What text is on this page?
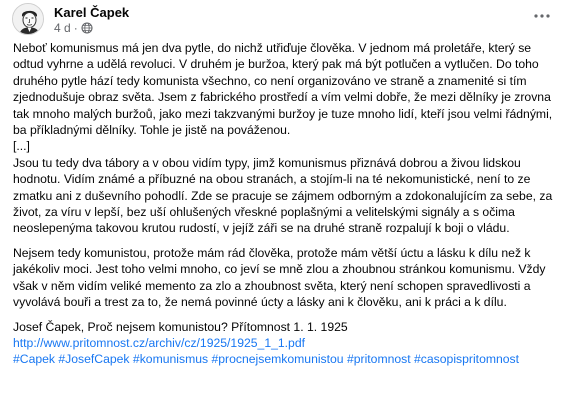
Karel Čapek
4 d ·

Neboť komunismus má jen dva pytle, do nichž utřiďuje člověka. V jednom má proletáře, který se odtud vyhrne a udělá revoluci. V druhém je buržoa, který pak má být potlučen a vytlučen. Do toho druhého pytle hází tedy komunista všechno, co není organizováno ve straně a znamenité si tím zjednodušuje obraz světa. Jsem z fabrického prostředí a vím velmi dobře, že mezi dělníky je zrovna tak mnoho malých buržoů, jako mezi takzvanými buržoy je tuze mnoho lidí, kteří jsou velmi řádnými, ba příkladnými dělníky. Tohle je jistě na pováženou.

[...]

Jsou tu tedy dva tábory a v obou vidím typy, jimž komunismus přiznává dobrou a živou lidskou hodnotu. Vidím známé a příbuzné na obou stranách, a stojím-li na té nekomunistické, není to ze zmatku ani z duševního pohodlí. Zde se pracuje se zájmem odborným a zdokonalujícím za sebe, za život, za víru v lepší, bez uší ohlušených vřeskné poplašnými a velitelskými signály a s očima neoslepenýma takovou krutou rudostí, v jejíž záři se na druhé straně rozpalují k boji o vládu.

Nejsem tedy komunistou, protože mám rád člověka, protože mám větší úctu a lásku k dílu než k jakékoliv moci. Jest toho velmi mnoho, co jeví se mně zlou a zhoubnou stránkou komunismu. Vždy však v něm vidím veliké memento za zlo a zhoubnost světa, který není schopen spravedlivosti a vyvolává bouři a trest za to, že nemá povinné úcty a lásky ani k člověku, ani k práci a k dílu.

Josef Čapek, Proč nejsem komunistou? Přítomnost 1. 1. 1925

http://www.pritomnost.cz/archiv/cz/1925/1925_1_1.pdf

#Capek #JosefCapek #komunismus #procnejsemkomunistou #pritomnost #casopispritomnost
